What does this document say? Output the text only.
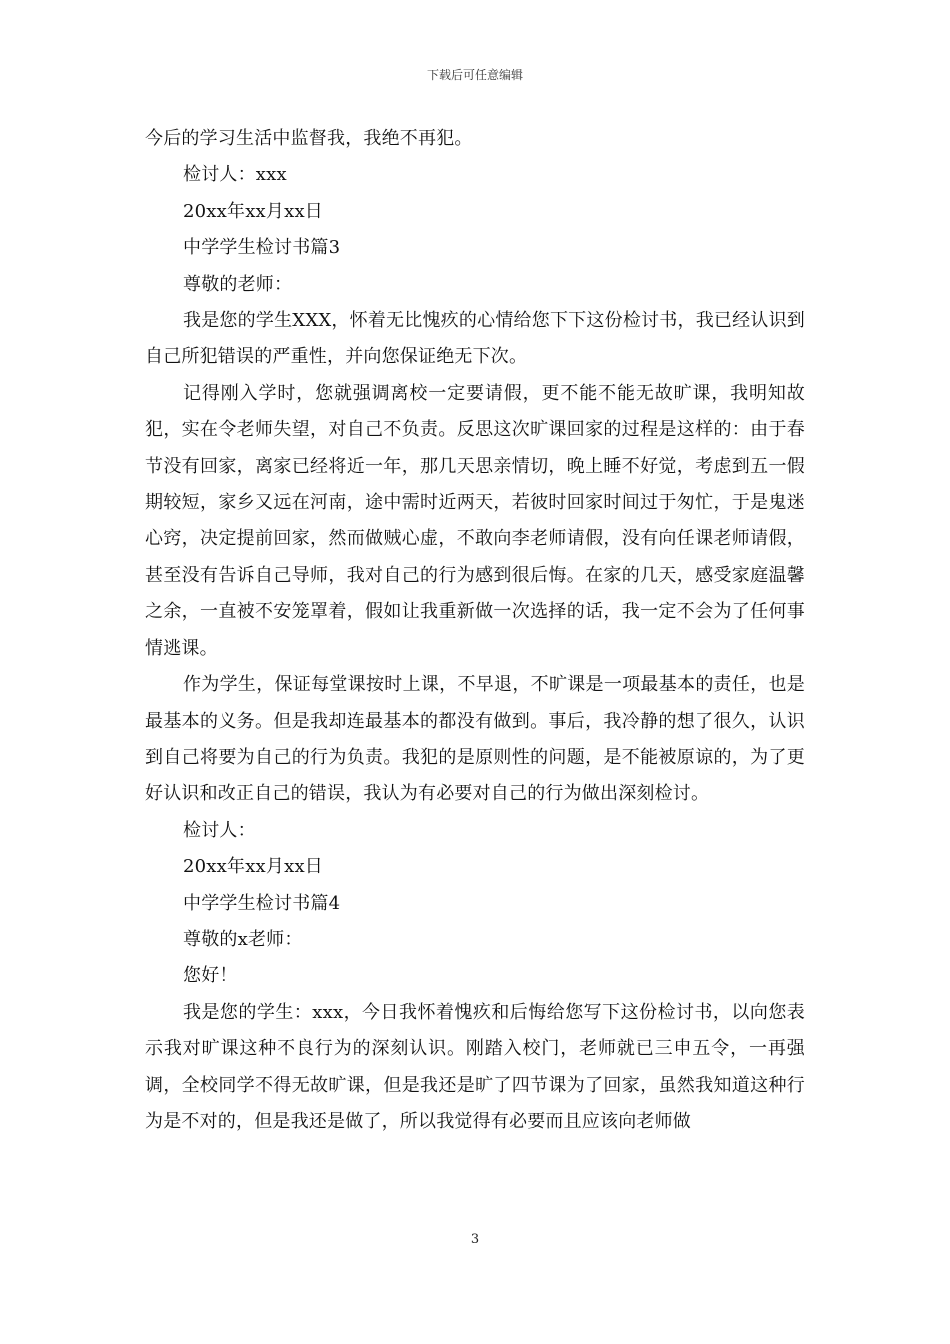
下载后可任意编辑

今后的学习生活中监督我，我绝不再犯。

检讨人：xxx

20xx年xx月xx日

中学学生检讨书篇3

尊敬的老师：

我是您的学生XXX，怀着无比愧疚的心情给您下下这份检讨书，我已经认识到自己所犯错误的严重性，并向您保证绝无下次。

记得刚入学时，您就强调离校一定要请假，更不能不能无故旷课，我明知故犯，实在令老师失望，对自己不负责。反思这次旷课回家的过程是这样的：由于春节没有回家，离家已经将近一年，那几天思亲情切，晚上睡不好觉，考虑到五一假期较短，家乡又远在河南，途中需时近两天，若彼时回家时间过于匆忙，于是鬼迷心窍，决定提前回家，然而做贼心虚，不敢向李老师请假，没有向任课老师请假，甚至没有告诉自己导师，我对自己的行为感到很后悔。在家的几天，感受家庭温馨之余，一直被不安笼罩着，假如让我重新做一次选择的话，我一定不会为了任何事情逃课。

作为学生，保证每堂课按时上课，不早退，不旷课是一项最基本的责任，也是最基本的义务。但是我却连最基本的都没有做到。事后，我冷静的想了很久，认识到自己将要为自己的行为负责。我犯的是原则性的问题，是不能被原谅的，为了更好认识和改正自己的错误，我认为有必要对自己的行为做出深刻检讨。

检讨人：

20xx年xx月xx日

中学学生检讨书篇4

尊敬的x老师：

您好！

我是您的学生：xxx，今日我怀着愧疚和后悔给您写下这份检讨书，以向您表示我对旷课这种不良行为的深刻认识。刚踏入校门，老师就已三申五令，一再强调，全校同学不得无故旷课，但是我还是旷了四节课为了回家，虽然我知道这种行为是不对的，但是我还是做了，所以我觉得有必要而且应该向老师做

3
